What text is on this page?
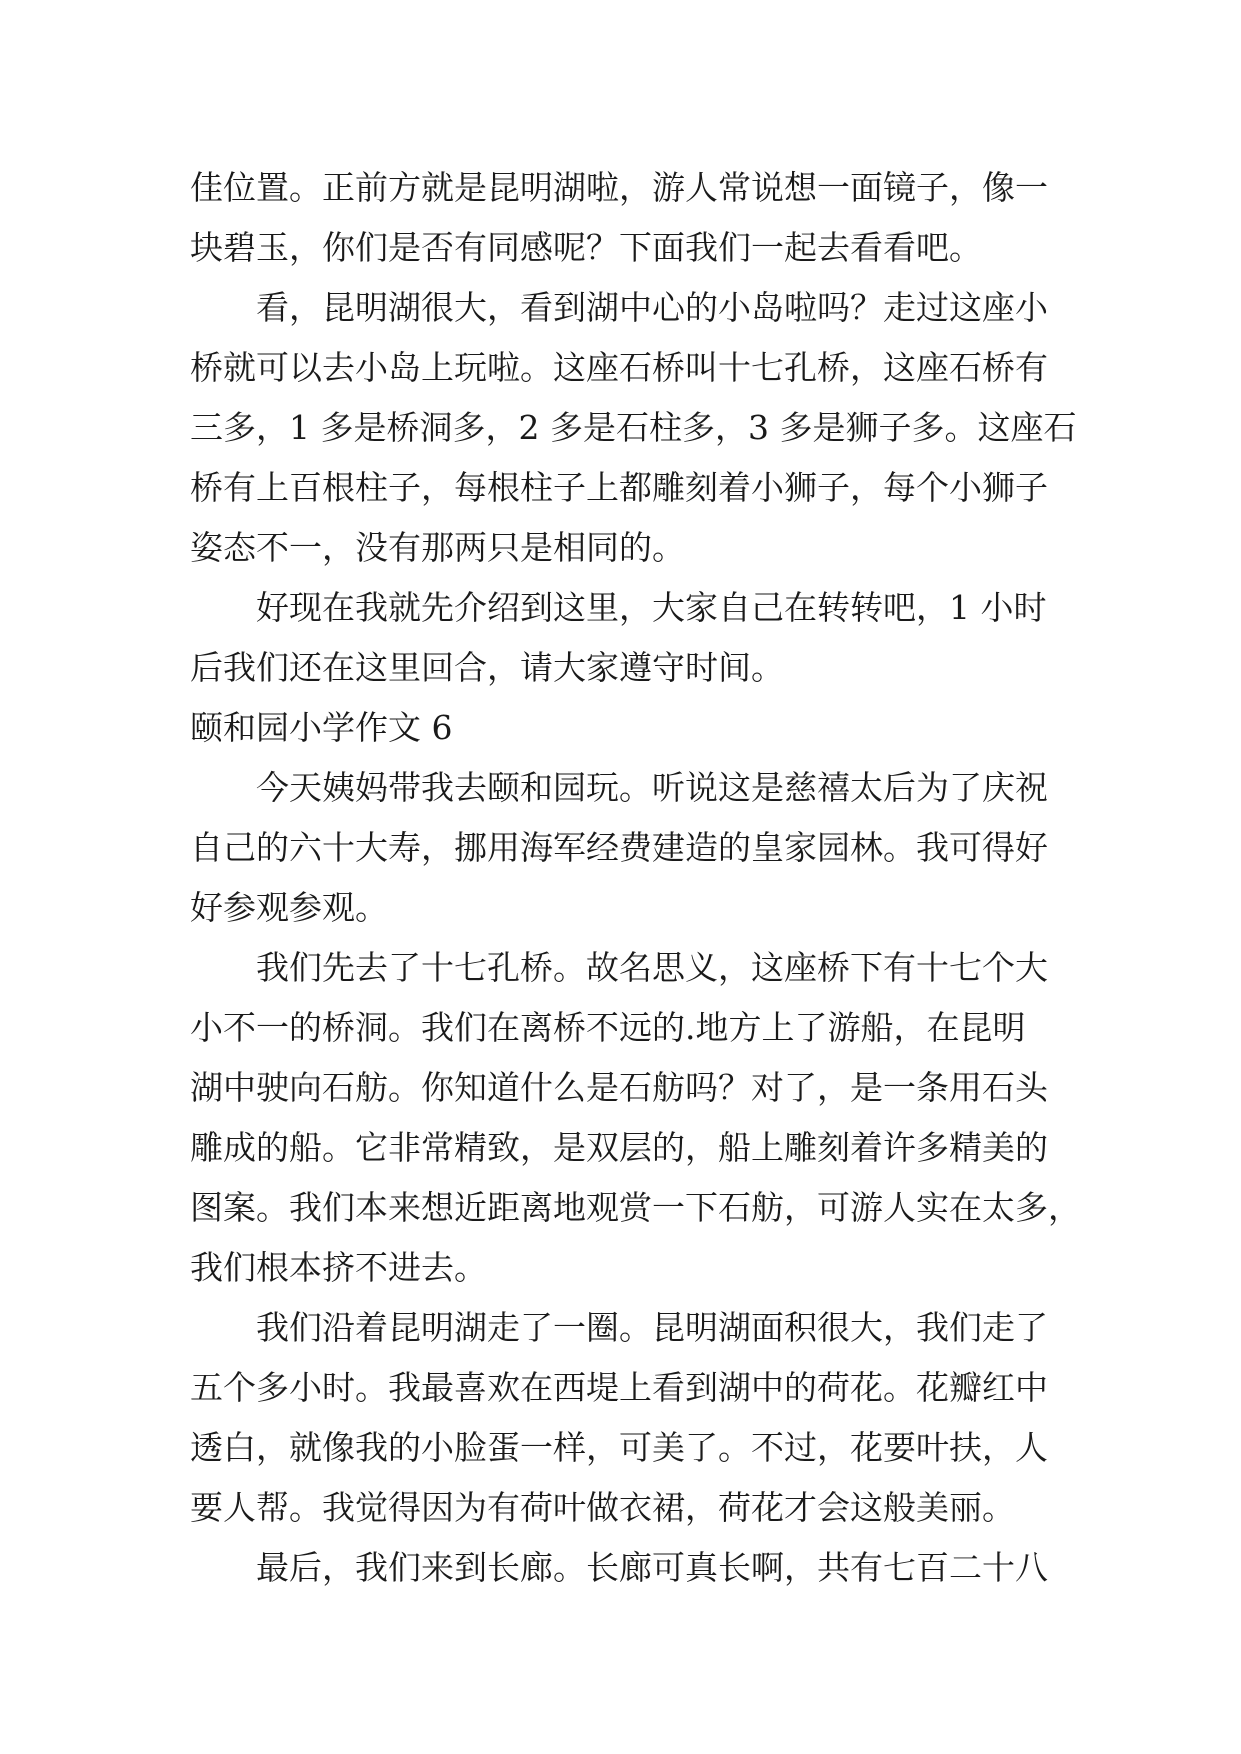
佳位置。正前方就是昆明湖啦，游人常说想一面镜子，像一
块碧玉，你们是否有同感呢？下面我们一起去看看吧。
看，昆明湖很大，看到湖中心的小岛啦吗？走过这座小
桥就可以去小岛上玩啦。这座石桥叫十七孔桥，这座石桥有
三多，1 多是桥洞多，2 多是石柱多，3 多是狮子多。这座石
桥有上百根柱子，每根柱子上都雕刻着小狮子，每个小狮子
姿态不一，没有那两只是相同的。
好现在我就先介绍到这里，大家自己在转转吧，1 小时
后我们还在这里回合，请大家遵守时间。
颐和园小学作文 6
今天姨妈带我去颐和园玩。听说这是慈禧太后为了庆祝
自己的六十大寿，挪用海军经费建造的皇家园林。我可得好
好参观参观。
我们先去了十七孔桥。故名思义，这座桥下有十七个大
小不一的桥洞。我们在离桥不远的.地方上了游船，在昆明
湖中驶向石舫。你知道什么是石舫吗？对了，是一条用石头
雕成的船。它非常精致，是双层的，船上雕刻着许多精美的
图案。我们本来想近距离地观赏一下石舫，可游人实在太多，
我们根本挤不进去。
我们沿着昆明湖走了一圈。昆明湖面积很大，我们走了
五个多小时。我最喜欢在西堤上看到湖中的荷花。花瓣红中
透白，就像我的小脸蛋一样，可美了。不过，花要叶扶，人
要人帮。我觉得因为有荷叶做衣裙，荷花才会这般美丽。
最后，我们来到长廊。长廊可真长啊，共有七百二十八
